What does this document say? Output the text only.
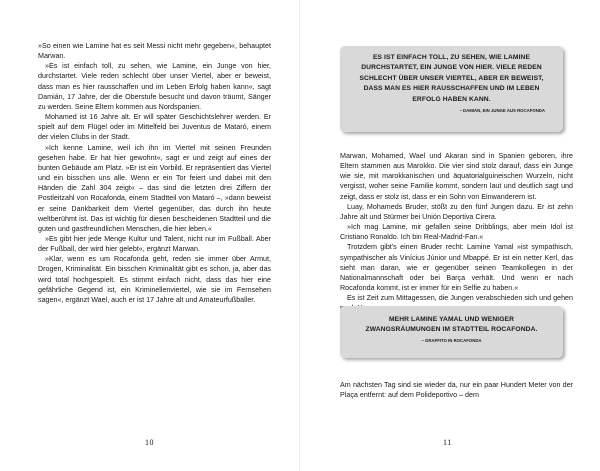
»So einen wie Lamine hat es seit Messi nicht mehr gegeben«, behauptet Marwan.

»Es ist einfach toll, zu sehen, wie Lamine, ein Junge von hier, durchstartet. Viele reden schlecht über unser Viertel, aber er beweist, dass man es hier rausschaffen und im Leben Erfolg haben kann«, sagt Damián, 17 Jahre, der die Oberstufe besucht und davon träumt, Sänger zu werden. Seine Eltern kommen aus Nordspanien.

Mohamed ist 16 Jahre alt. Er will später Geschichtslehrer werden. Er spielt auf dem Flügel oder im Mittelfeld bei Juventus de Mataró, einem der vielen Clubs in der Stadt.

»Ich kenne Lamine, weil ich ihn im Viertel mit seinen Freunden gesehen habe. Er hat hier gewohnt«, sagt er und zeigt auf eines der bunten Gebäude am Platz. »Er ist ein Vorbild. Er repräsentiert das Viertel und ein bisschen uns alle. Wenn er ein Tor feiert und dabei mit den Händen die Zahl 304 zeigt« – das sind die letzten drei Ziffern der Postleitzahl von Rocafonda, einem Stadtteil von Mataró –, »dann beweist er seine Dankbarkeit dem Viertel gegenüber, das durch ihn heute weltberühmt ist. Das ist wichtig für diesen bescheidenen Stadtteil und die guten und gastfreundlichen Menschen, die hier leben.«

»Es gibt hier jede Menge Kultur und Talent, nicht nur im Fußball. Aber der Fußball, der wird hier gelebt«, ergänzt Marwan.

»Klar, wenn es um Rocafonda geht, reden sie immer über Armut, Drogen, Kriminalität. Ein bisschen Kriminalität gibt es schon, ja, aber das wird total hochgespielt. Es stimmt einfach nicht, dass das hier eine gefährliche Gegend ist, ein Kriminellenviertel, wie sie im Fernsehen sagen«, ergänzt Wael, auch er ist 17 Jahre alt und Amateurfußballer.

10
ES IST EINFACH TOLL, ZU SEHEN, WIE LAMINE DURCHSTARTET, EIN JUNGE VON HIER. VIELE REDEN SCHLECHT ÜBER UNSER VIERTEL, ABER ER BEWEIST, DASS MAN ES HIER RAUSSCHAFFEN UND IM LEBEN ERFOLG HABEN KANN.
– DAMIÁN, EIN JUNGE AUS ROCAFONDA

Marwan, Mohamed, Wael und Akaran sind in Spanien geboren, ihre Eltern stammen aus Marokko. Die vier sind stolz darauf, dass ein Junge wie sie, mit marokkanischen und äquatorialguineischen Wurzeln, nicht vergisst, woher seine Familie kommt, sondern laut und deutlich sagt und zeigt, dass er stolz ist, dass er ein Sohn von Einwanderern ist.

Luay, Mohameds Bruder, stößt zu den fünf Jungen dazu. Er ist zehn Jahre alt und Stürmer bei Unión Deportiva Cirera.

»Ich mag Lamine, mir gefallen seine Dribblings, aber mein Idol ist Cristiano Ronaldo. Ich bin Real-Madrid-Fan.«

Trotzdem gibt's einen Bruder recht: Lamine Yamal »ist sympathisch, sympathischer als Vinícius Júnior und Mbappé. Er ist ein netter Kerl, das sieht man daran, wie er gegenüber seinen Teamkollegen in der Nationalmannschaft oder bei Barça verhält. Und wenn er nach Rocafonda kommt, ist er immer für ein Selfie zu haben.«

Es ist Zeit zum Mittagessen, die Jungen verabschieden sich und gehen

MEHR LAMINE YAMAL UND WENIGER ZWANGSRÄUMUNGEN IM STADTTEIL ROCAFONDA.
– GRAFFITO IN ROCAFONDA

Am nächsten Tag sind sie wieder da, nur ein paar Hundert Meter von der Plaça entfernt: auf dem Polideportivo – dem

11
